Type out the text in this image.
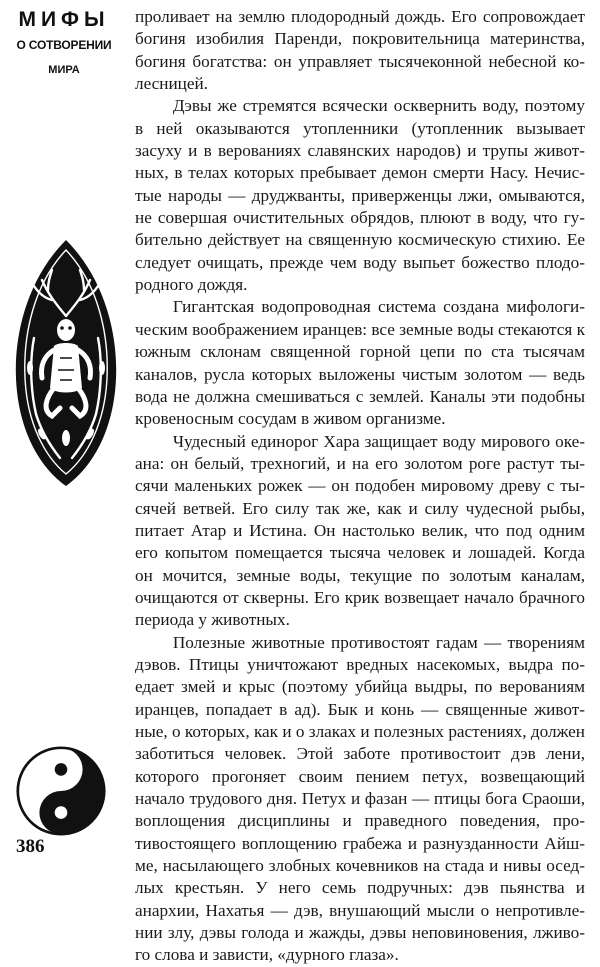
МИФЫ
О СОТВОРЕНИИ
МИРА
386

проливает на землю плодородный дождь. Его сопровождает богиня изобилия Паренди, покровительница материнства, богиня богатства: он управляет тысячеконной небесной колесницей.

Дэвы же стремятся всячески осквернить воду, поэтому в ней оказываются утопленники (утопленник вызывает засуху и в верованиях славянских народов) и трупы животных, в телах которых пребывает демон смерти Насу. Нечистые народы — друджванты, приверженцы лжи, омываются, не совершая очистительных обрядов, плюют в воду, что губительно действует на священную космическую стихию. Ее следует очищать, прежде чем воду выпьет божество плодородного дождя.

Гигантская водопроводная система создана мифологическим воображением иранцев: все земные воды стекаются к южным склонам священной горной цепи по ста тысячам каналов, русла которых выложены чистым золотом — ведь вода не должна смешиваться с землей. Каналы эти подобны кровеносным сосудам в живом организме.

Чудесный единорог Хара защищает воду мирового океана: он белый, трехногий, и на его золотом роге растут тысячи маленьких рожек — он подобен мировому древу с тысячей ветвей. Его силу так же, как и силу чудесной рыбы, питает Атар и Истина. Он настолько велик, что под одним его копытом помещается тысяча человек и лошадей. Когда он мочится, земные воды, текущие по золотым каналам, очищаются от скверны. Его крик возвещает начало брачного периода у животных.

Полезные животные противостоят гадам — творениям дэвов. Птицы уничтожают вредных насекомых, выдра поедает змей и крыс (поэтому убийца выдры, по верованиям иранцев, попадает в ад). Бык и конь — священные животные, о которых, как и о злаках и полезных растениях, должен заботиться человек. Этой заботе противостоит дэв лени, которого прогоняет своим пением петух, возвещающий начало трудового дня. Петух и фазан — птицы бога Сраоши, воплощения дисциплины и праведного поведения, противостоящего воплощению грабежа и разнузданности Айшме, насылающего злобных кочевников на стада и нивы оседлых крестьян. У него семь подручных: дэв пьянства и анархии, Нахатья — дэв, внушающий мысли о непротивлении злу, дэвы голода и жажды, дэвы неповиновения, лживого слова и зависти, «дурного глаза».
